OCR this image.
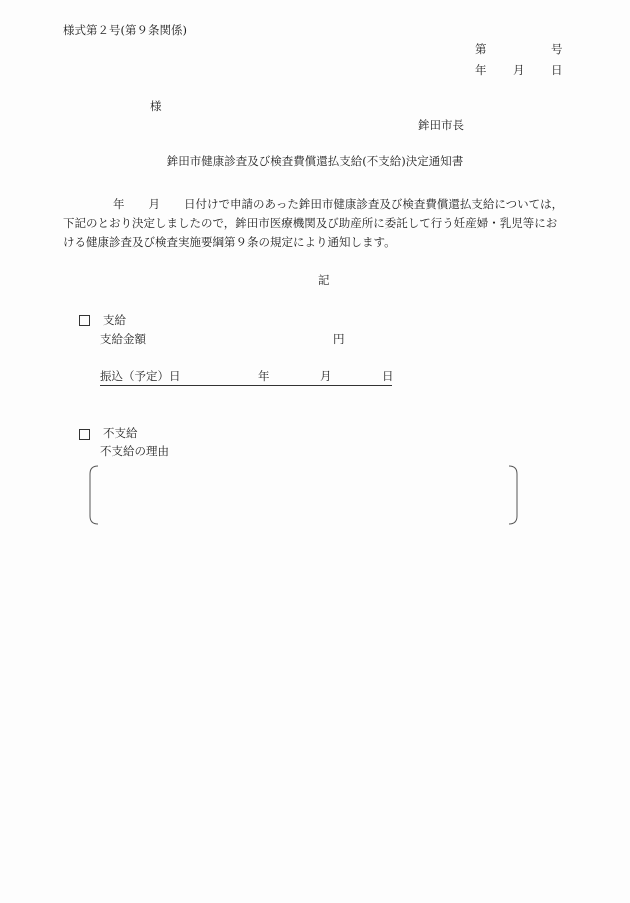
様式第２号(第９条関係)
第	号
年 月 日
様
鉾田市長
鉾田市健康診査及び検査費償還払支給(不支給)決定通知書
年 月 日付けで申請のあった鉾田市健康診査及び検査費償還払支給については，
下記のとおり決定しましたので，鉾田市医療機関及び助産所に委託して行う妊産婦・乳児等にお
ける健康診査及び検査実施要綱第９条の規定により通知します。
記
支給
支給金額	円
振込（予定）日	年	月	日
不支給
不支給の理由
